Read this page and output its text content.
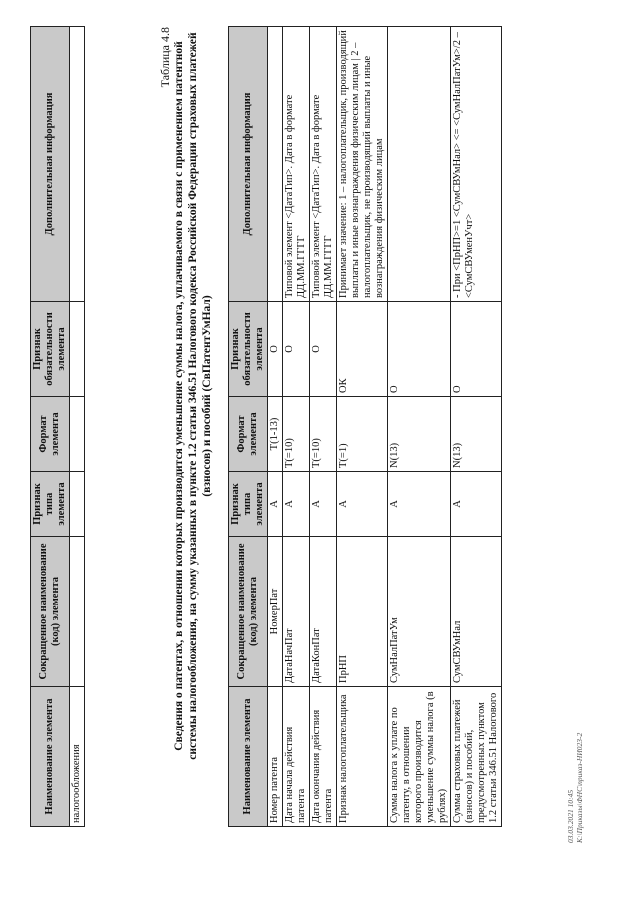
Наименование элемента	Сокращенное наименование (код) элемента	Признак типа элемента	Формат элемента	Признак обязательности элемента	Дополнительная информация
налогообложения					
Таблица 4.8 Сведения о патентах, в отношении которых производится уменьшение суммы налога, уплачиваемого в связи с применением патентной системы налогообложения, на сумму указанных в пункте 1.2 статьи 346.51 Налогового кодекса Российской Федерации страховых платежей (взносов) и пособий (СвПатентУмНал)
Наименование элемента	Сокращенное наименование (код) элемента	Признак типа элемента	Формат элемента	Признак обязательности элемента	Дополнительная информация
Номер патента	НомерПат	А	T(1-13)	О	
Дата начала действия патента	ДатаНачПат	А	T(=10)	О	Типовой элемент <ДатаТип>. Дата в формате ДД.ММ.ГГГГ
Дата окончания действия патента	ДатаКонПат	А	T(=10)	О	Типовой элемент <ДатаТип>. Дата в формате ДД.ММ.ГГГГ
Признак налогоплательщика	ПрНП	А	T(=1)	ОК	Принимает значение: 1 – налогоплательщик, производящий выплаты и иные вознаграждения физическим лицам | 2 – налогоплательщик, не производящий выплаты и иные вознаграждения физическим лицам
Сумма налога к уплате по патенту, в отношении которого производится уменьшение суммы налога (в рублях)	СумНалПатУм	А	N(13)	О	
Сумма страховых платежей (взносов) и пособий, предусмотренных пунктом 1.2 статьи 346.51 Налогового	СумСВУмНал	А	N(13)	О	- При <ПрНП>=1 <СумСВУмНал> <= <СумНалПатУм>/2 – <СумСВУменУчт>
03.03.2021 10:45 К:\Приказы\ФНС\приказ-НИ023-2
